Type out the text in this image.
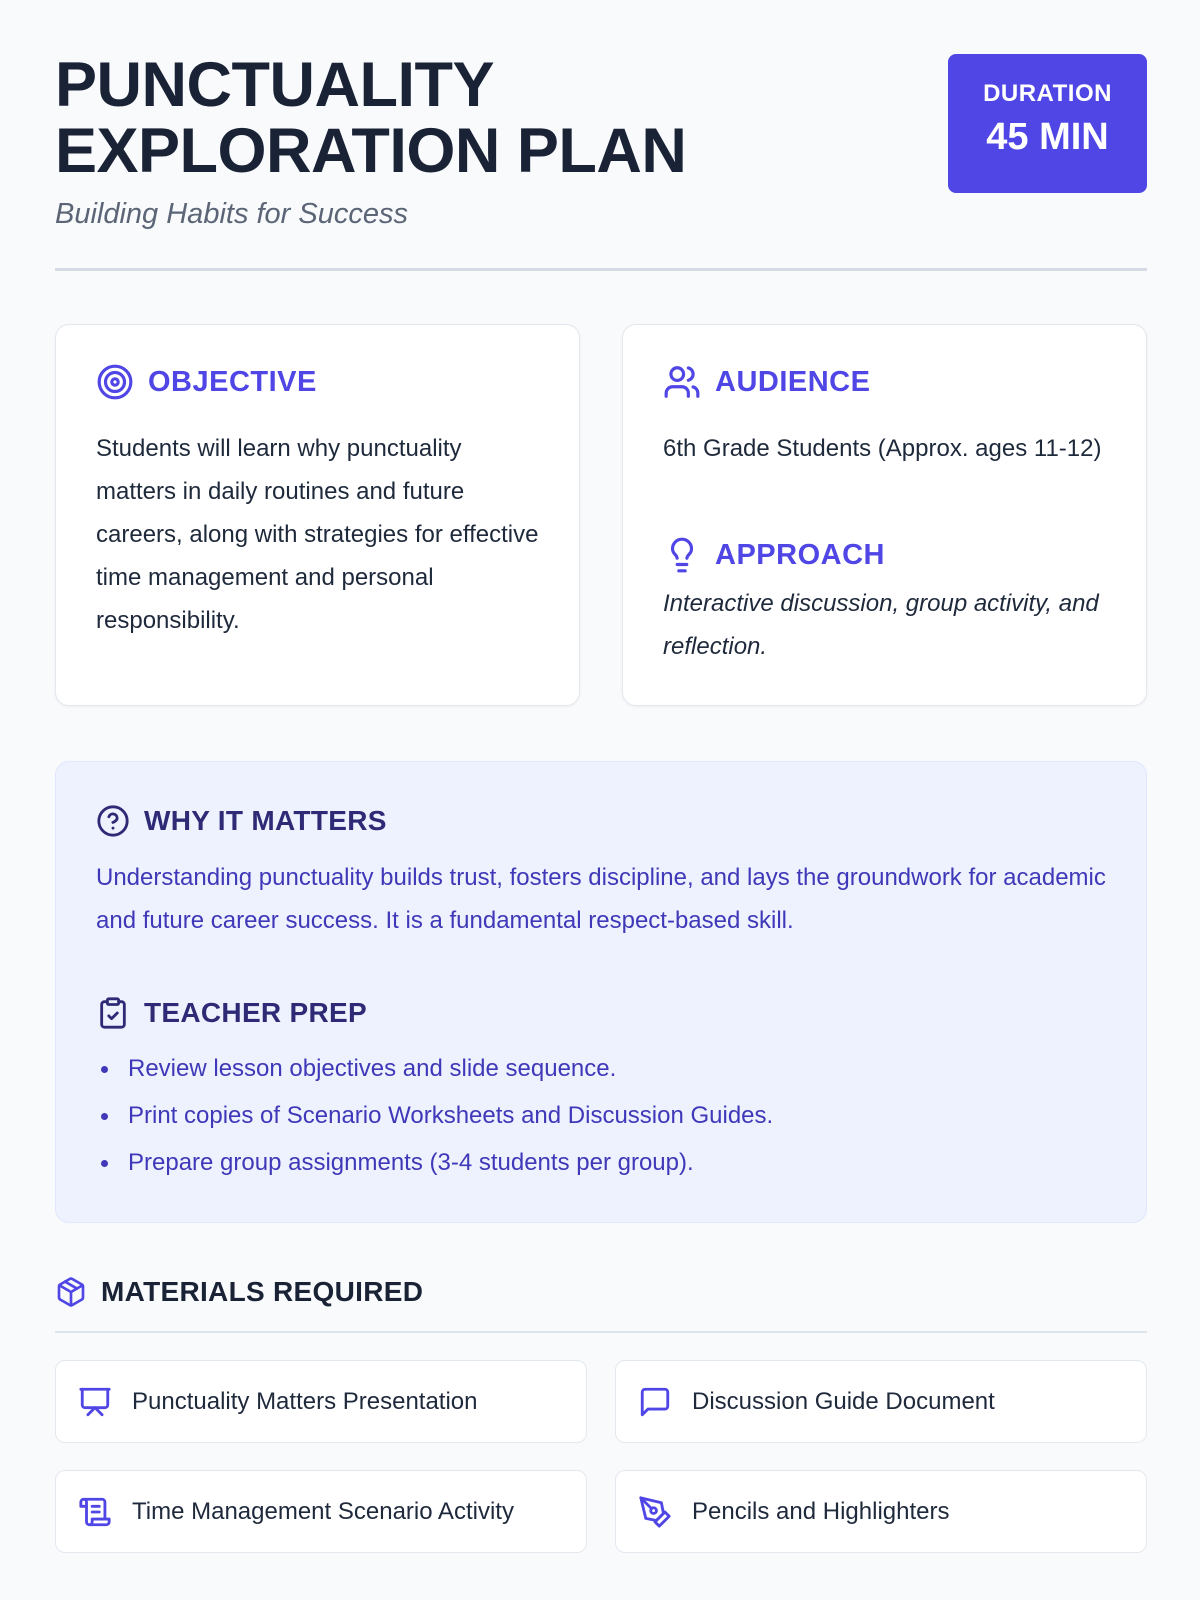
PUNCTUALITY EXPLORATION PLAN

Building Habits for Success

DURATION
45 MIN
OBJECTIVE

Students will learn why punctuality matters in daily routines and future careers, along with strategies for effective time management and personal responsibility.

AUDIENCE

6th Grade Students (Approx. ages 11-12)

APPROACH

Interactive discussion, group activity, and reflection.

WHY IT MATTERS

Understanding punctuality builds trust, fosters discipline, and lays the groundwork for academic and future career success. It is a fundamental respect-based skill.

TEACHER PREP
Review lesson objectives and slide sequence.
Print copies of Scenario Worksheets and Discussion Guides.
Prepare group assignments (3-4 students per group).
MATERIALS REQUIRED
Punctuality Matters Presentation	Discussion Guide Document
Time Management Scenario Activity	Pencils and Highlighters
